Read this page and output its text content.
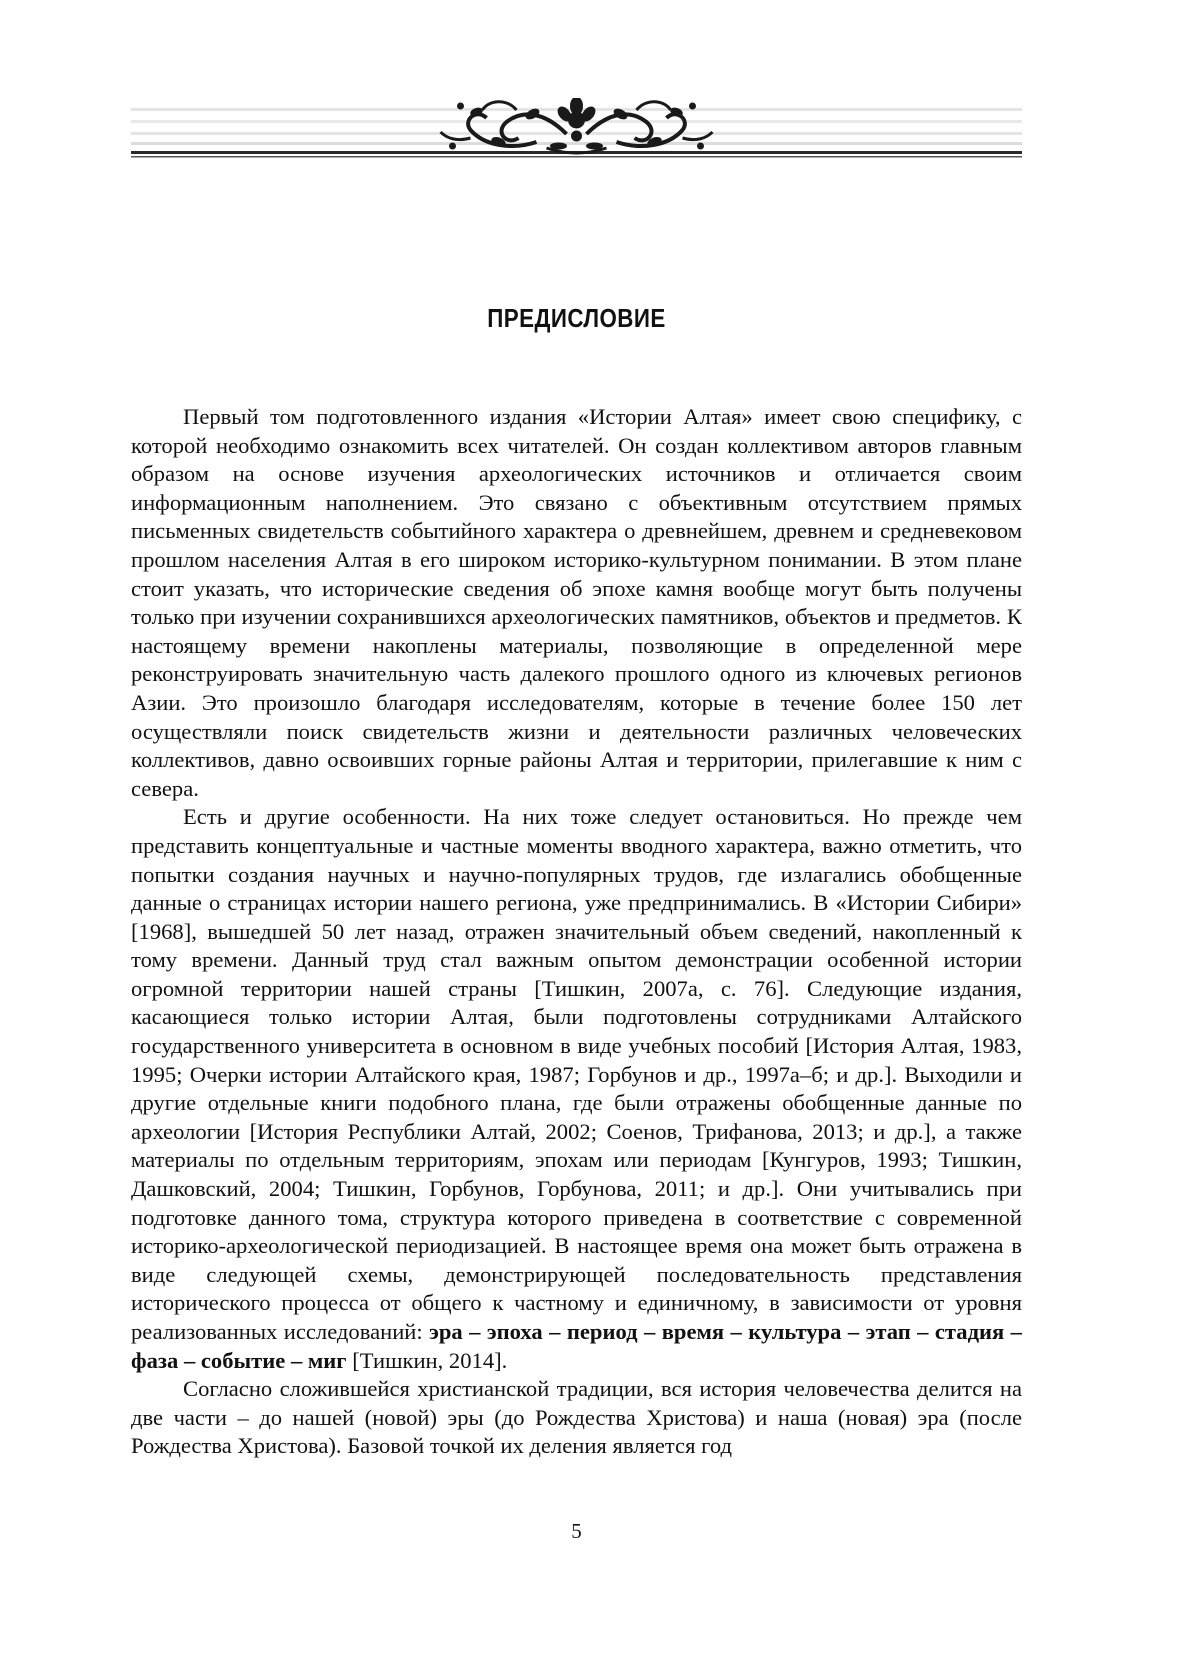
ПРЕДИСЛОВИЕ

Первый том подготовленного издания «Истории Алтая» имеет свою специфику, с которой необходимо ознакомить всех читателей. Он создан коллективом авторов главным образом на основе изучения археологических источников и отличается своим информационным наполнением. Это связано с объективным отсутствием прямых письменных свидетельств событийного характера о древнейшем, древнем и средневековом прошлом населения Алтая в его широком историко-культурном понимании. В этом плане стоит указать, что исторические сведения об эпохе камня вообще могут быть получены только при изучении сохранившихся археологических памятников, объектов и предметов. К настоящему времени накоплены материалы, позволяющие в определенной мере реконструировать значительную часть далекого прошлого одного из ключевых регионов Азии. Это произошло благодаря исследователям, которые в течение более 150 лет осуществляли поиск свидетельств жизни и деятельности различных человеческих коллективов, давно освоивших горные районы Алтая и территории, прилегавшие к ним с севера.

Есть и другие особенности. На них тоже следует остановиться. Но прежде чем представить концептуальные и частные моменты вводного характера, важно отметить, что попытки создания научных и научно-популярных трудов, где излагались обобщенные данные о страницах истории нашего региона, уже предпринимались. В «Истории Сибири» [1968], вышедшей 50 лет назад, отражен значительный объем сведений, накопленный к тому времени. Данный труд стал важным опытом демонстрации особенной истории огромной территории нашей страны [Тишкин, 2007а, с. 76]. Следующие издания, касающиеся только истории Алтая, были подготовлены сотрудниками Алтайского государственного университета в основном в виде учебных пособий [История Алтая, 1983, 1995; Очерки истории Алтайского края, 1987; Горбунов и др., 1997а–б; и др.]. Выходили и другие отдельные книги подобного плана, где были отражены обобщенные данные по археологии [История Республики Алтай, 2002; Соенов, Трифанова, 2013; и др.], а также материалы по отдельным территориям, эпохам или периодам [Кунгуров, 1993; Тишкин, Дашковский, 2004; Тишкин, Горбунов, Горбунова, 2011; и др.]. Они учитывались при подготовке данного тома, структура которого приведена в соответствие с современной историко-археологической периодизацией. В настоящее время она может быть отражена в виде следующей схемы, демонстрирующей последовательность представления исторического процесса от общего к частному и единичному, в зависимости от уровня реализованных исследований: эра – эпоха – период – время – культура – этап – стадия – фаза – событие – миг [Тишкин, 2014].

Согласно сложившейся христианской традиции, вся история человечества делится на две части – до нашей (новой) эры (до Рождества Христова) и наша (новая) эра (после Рождества Христова). Базовой точкой их деления является год

5
